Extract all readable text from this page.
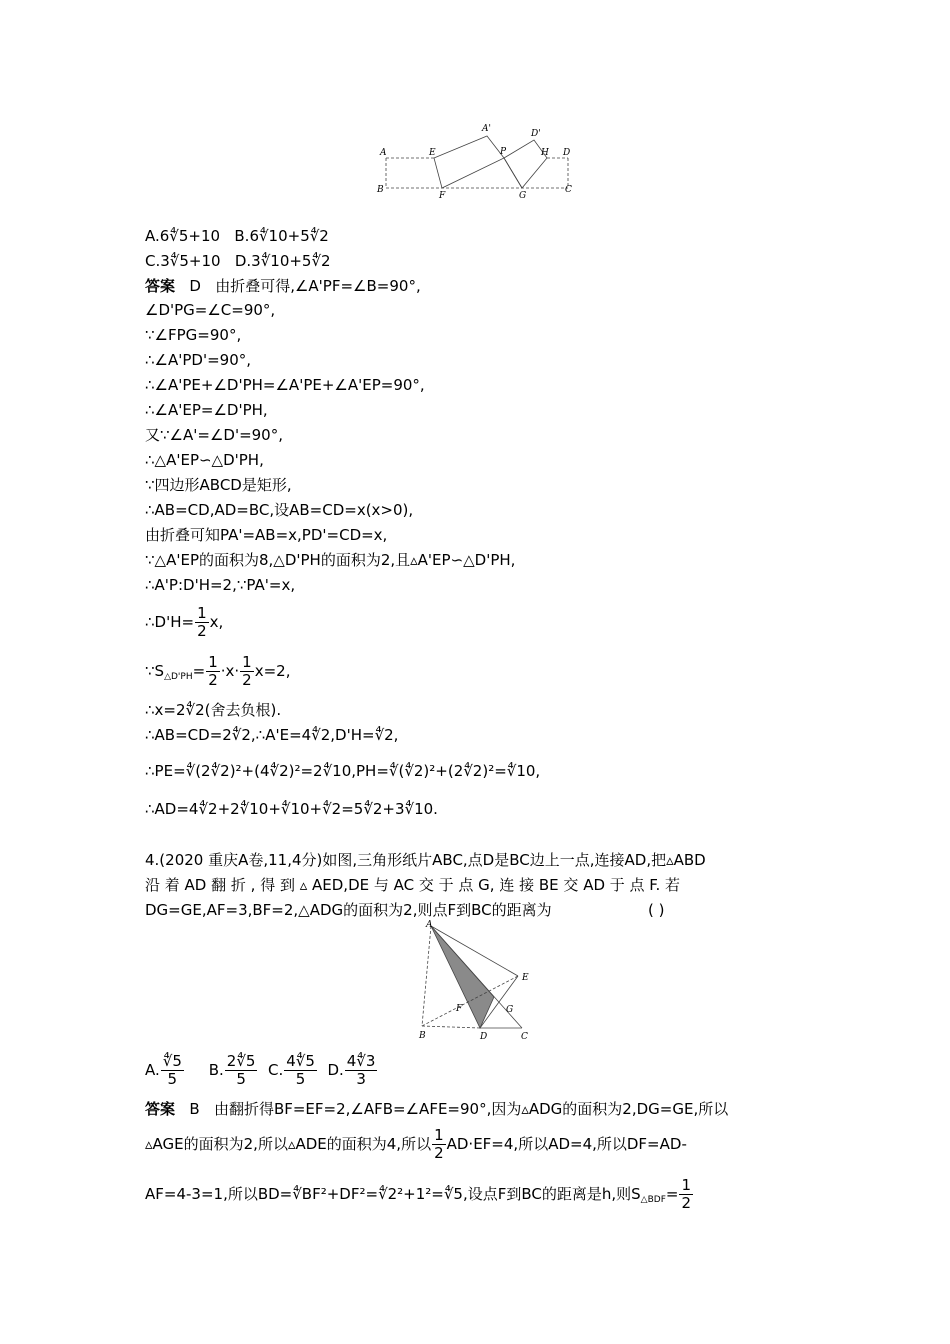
A
B
E
F
A'
P
D'
H D
C
G
A.6∜5+10 B.6∜10+5∜2
C.3∜5+10 D.3∜10+5∜2
答案 D 由折叠可得,∠A'PF=∠B=90°,
∠D'PG=∠C=90°,
∵∠FPG=90°,
∴∠A'PD'=90°,
∴∠A'PE+∠D'PH=∠A'PE+∠A'EP=90°,
∴∠A'EP=∠D'PH,
又∵∠A'=∠D'=90°,
∴△A'EP∽△D'PH,
∵四边形ABCD是矩形,
∴AB=CD,AD=BC,设AB=CD=x(x>0),
由折叠可知PA'=AB=x,PD'=CD=x,
∵△A'EP的面积为8,△D'PH的面积为2,且▵A'EP∽△D'PH,
∴A'P:D'H=2,∵PA'=x,
∴D'H= $\frac{1}{2} x$,
$\because S_{\triangle D'PH}= \frac{1}{2} \cdot x\cdot \frac{1}{2} x=2$,
∴x=2∜2(舍去负根).
∴AB=CD=2∜2,∴A'E=4∜2,D'H=∜2,
∴PE=∜(2∜2)²+(4∜2)²=2∜10,PH=∜(∜2)²+(2∜2)²=∜10,
∴AD=4∜2+2∜10+∜10+∜2=5∜2+3∜10.
4.(2020 重庆A卷,11,4分)如图,三角形纸片ABC,点D是BC边上一点,连接AD,把▵ABD
沿 着 AD 翻 折 , 得 到 ▵ AED,DE 与 AC 交 于 点 G, 连 接 BE 交 AD 于 点 F. 若
DG=GE,AF=3,BF=2,△ADG的面积为2,则点F到BC的距离为	( )
A
E
F	G
B	D	C
A. $\frac{∜5}{5} B$. $\frac{2∜5}{5} C$. $\frac{4∜5}{5} D$. $\frac{4∜3}{3}$
答案 B 由翻折得BF=EF=2,∠AFB=∠AFE=90°,因为▵ADG的面积为2,DG=GE,所以
▵AGE的面积为2,所以▵ADE的面积为4,所以 $\frac{1}{2} AD\cdot EF=4$,所以AD=4,所以DF=AD-
AF=4-3=1,所以BD=∜BF²+DF²=∜2²+1²=∜5,设点F到BC的距离是h,则$S_{\triangle BDF}= \frac{1}{2}$
